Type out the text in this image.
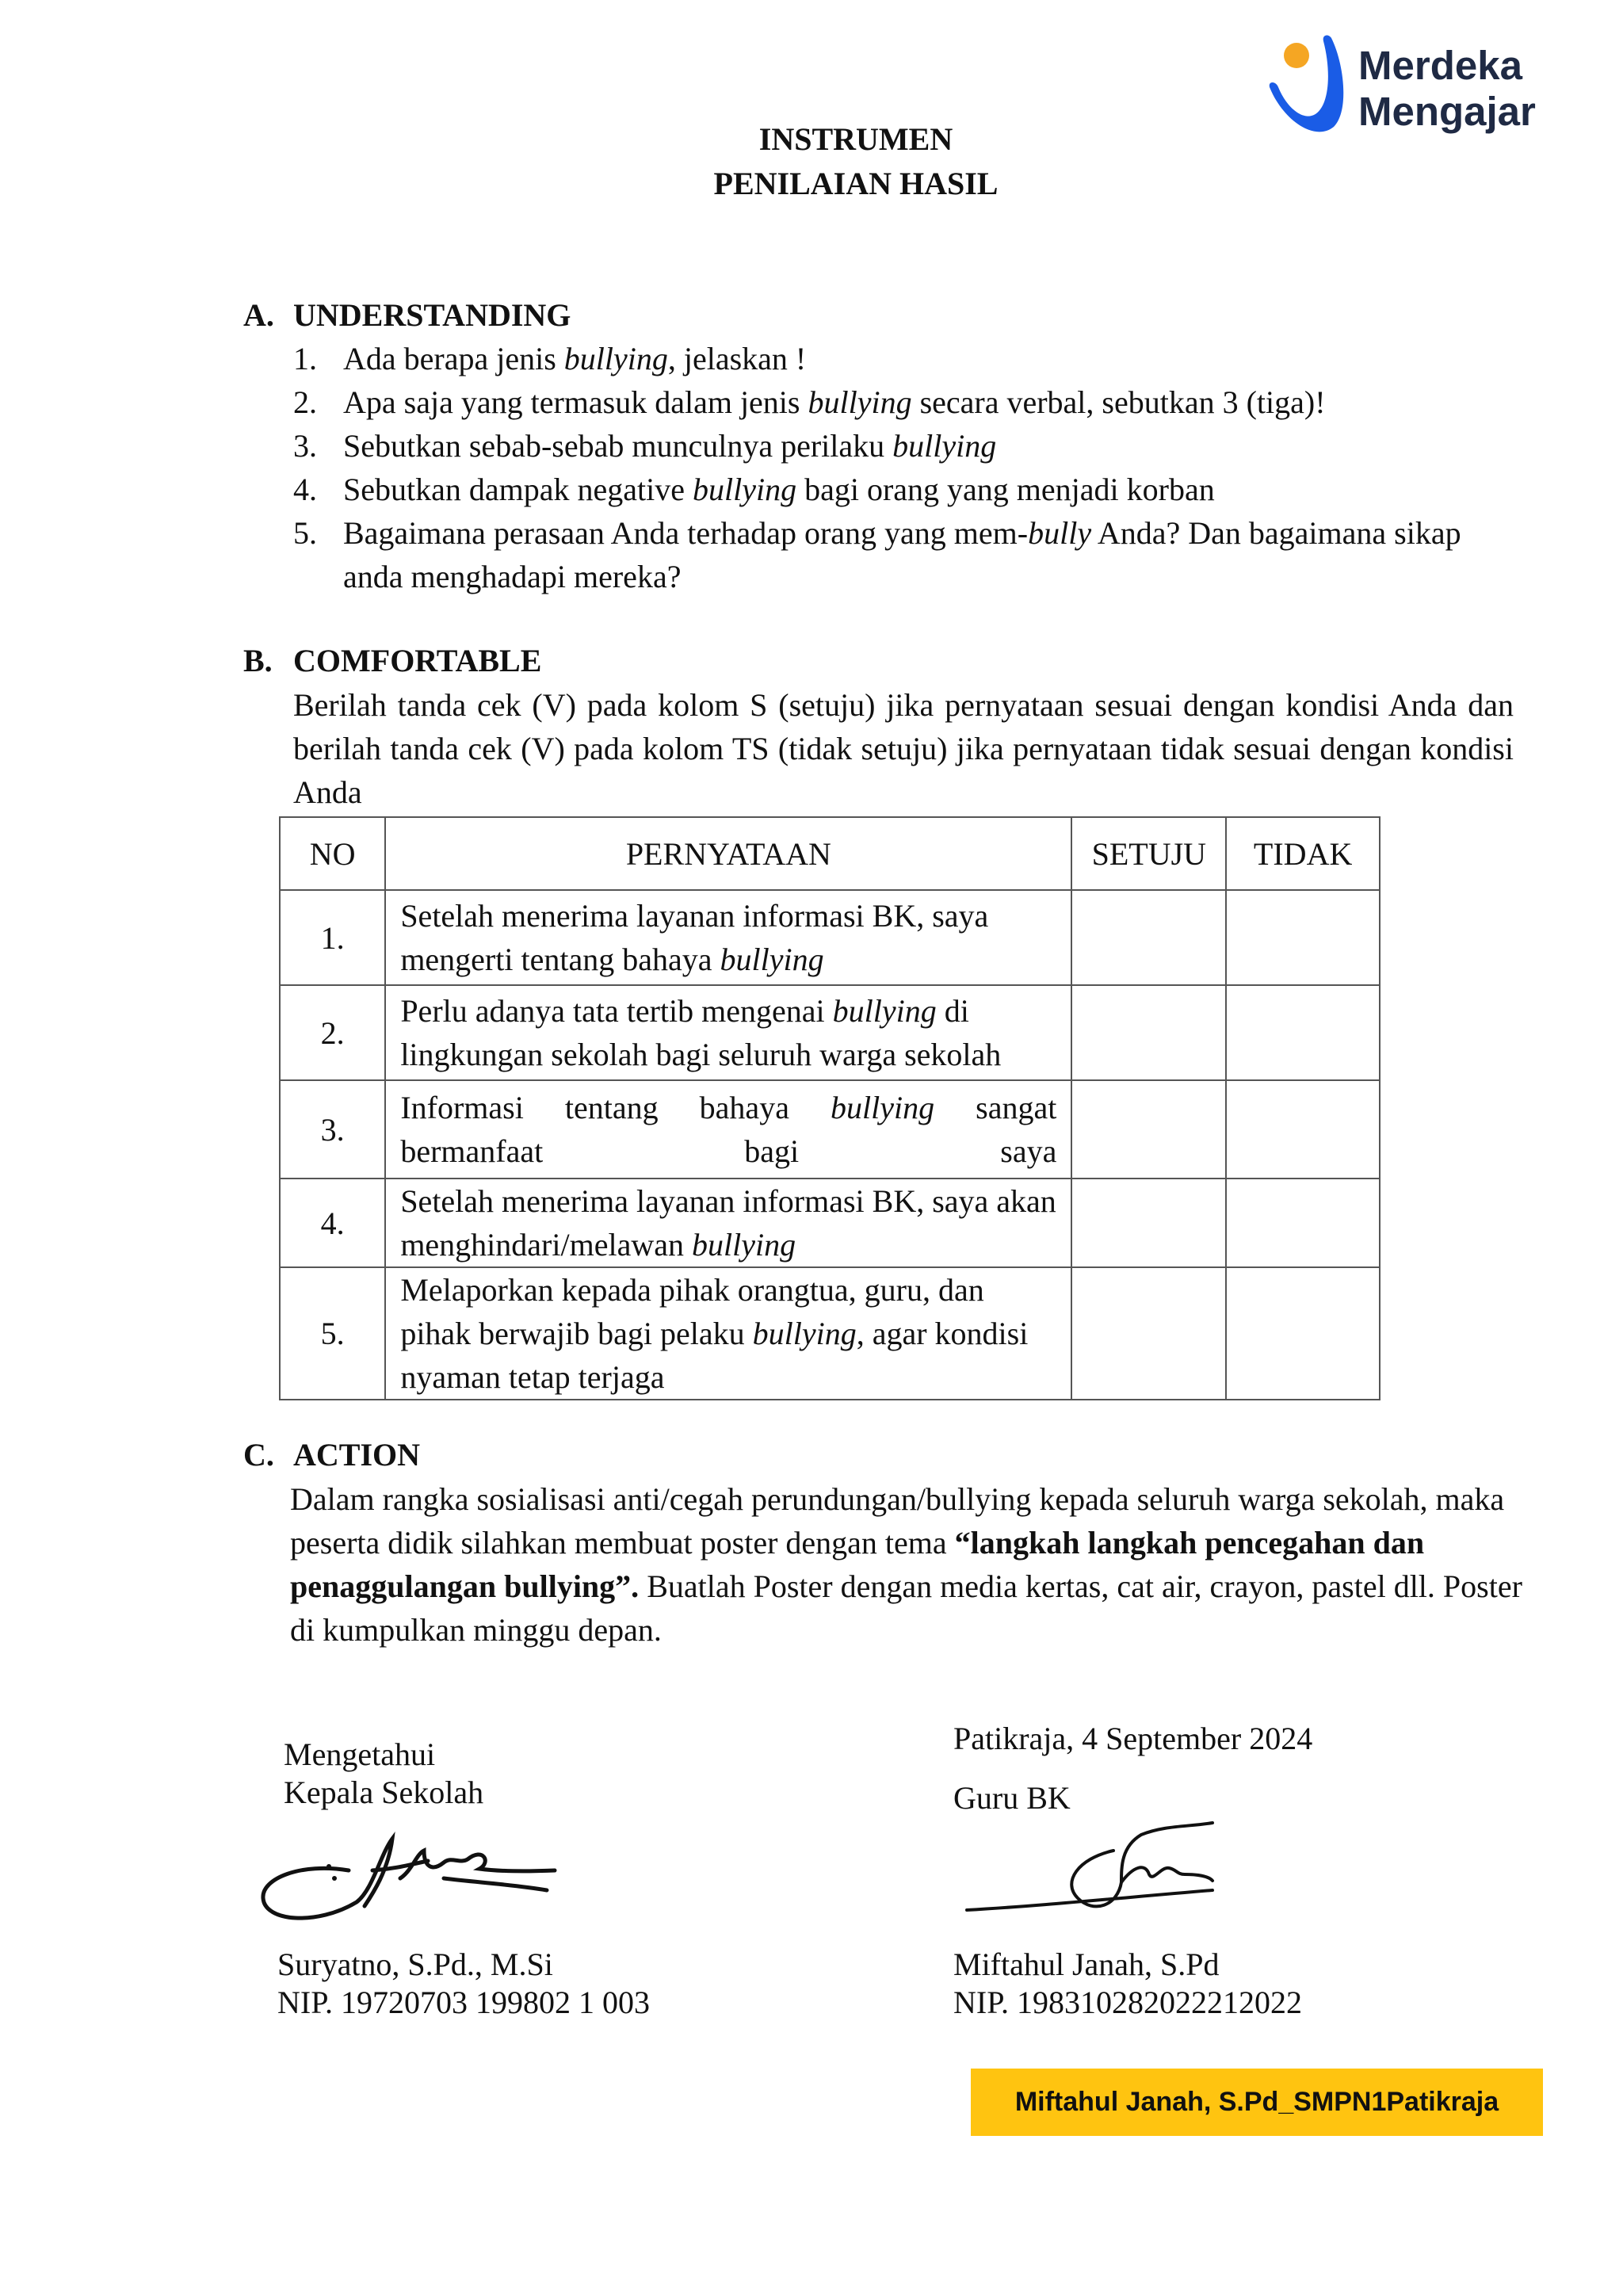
Merdeka
Mengajar
INSTRUMEN
PENILAIAN HASIL
A. UNDERSTANDING
1. Ada berapa jenis bullying, jelaskan !
2. Apa saja yang termasuk dalam jenis bullying secara verbal, sebutkan 3 (tiga)!
3. Sebutkan sebab-sebab munculnya perilaku bullying
4. Sebutkan dampak negative bullying bagi orang yang menjadi korban
5. Bagaimana perasaan Anda terhadap orang yang mem-bully Anda? Dan bagaimana sikap anda menghadapi mereka?
B. COMFORTABLE
Berilah tanda cek (V) pada kolom S (setuju) jika pernyataan sesuai dengan kondisi Anda dan berilah tanda cek (V) pada kolom TS (tidak setuju) jika pernyataan tidak sesuai dengan kondisi Anda
NO	PERNYATAAN	SETUJU	TIDAK
1.	Setelah menerima layanan informasi BK, saya mengerti tentang bahaya bullying		
2.	Perlu adanya tata tertib mengenai bullying di lingkungan sekolah bagi seluruh warga sekolah		
3.	Informasi tentang bahaya bullying sangat bermanfaat bagi saya		
4.	Setelah menerima layanan informasi BK, saya akan menghindari/melawan bullying		
5.	Melaporkan kepada pihak orangtua, guru, dan pihak berwajib bagi pelaku bullying, agar kondisi nyaman tetap terjaga		
C. ACTION
Dalam rangka sosialisasi anti/cegah perundungan/bullying kepada seluruh warga sekolah, maka peserta didik silahkan membuat poster dengan tema “langkah langkah pencegahan dan penaggulangan bullying”. Buatlah Poster dengan media kertas, cat air, crayon, pastel dll. Poster di kumpulkan minggu depan.
Mengetahui
Kepala Sekolah
Suryatno, S.Pd., M.Si
NIP. 19720703 199802 1 003
Patikraja, 4 September 2024
Guru BK
Miftahul Janah, S.Pd
NIP. 198310282022212022
Miftahul Janah, S.Pd_SMPN1Patikraja
